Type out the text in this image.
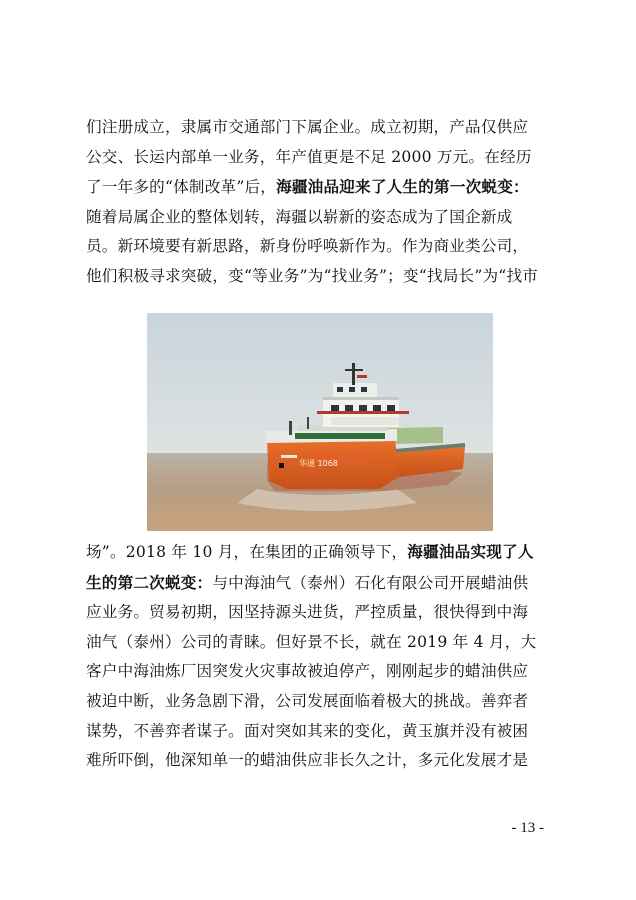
们注册成立，隶属市交通部门下属企业。成立初期，产品仅供应
公交、长运内部单一业务，年产值更是不足 2000 万元。在经历
了一年多的“体制改革”后，海疆油品迎来了人生的第一次蜕变：
随着局属企业的整体划转，海疆以崭新的姿态成为了国企新成
员。新环境要有新思路，新身份呼唤新作为。作为商业类公司，
他们积极寻求突破，变“等业务”为“找业务”；变“找局长”为“找市
华通 1068
场”。2018 年 10 月，在集团的正确领导下，海疆油品实现了人
生的第二次蜕变：与中海油气（泰州）石化有限公司开展蜡油供
应业务。贸易初期，因坚持源头进货，严控质量，很快得到中海
油气（泰州）公司的青睐。但好景不长，就在 2019 年 4 月，大
客户中海油炼厂因突发火灾事故被迫停产，刚刚起步的蜡油供应
被迫中断，业务急剧下滑，公司发展面临着极大的挑战。善弈者
谋势，不善弈者谋子。面对突如其来的变化，黄玉旗并没有被困
难所吓倒，他深知单一的蜡油供应非长久之计，多元化发展才是
- 13 -
